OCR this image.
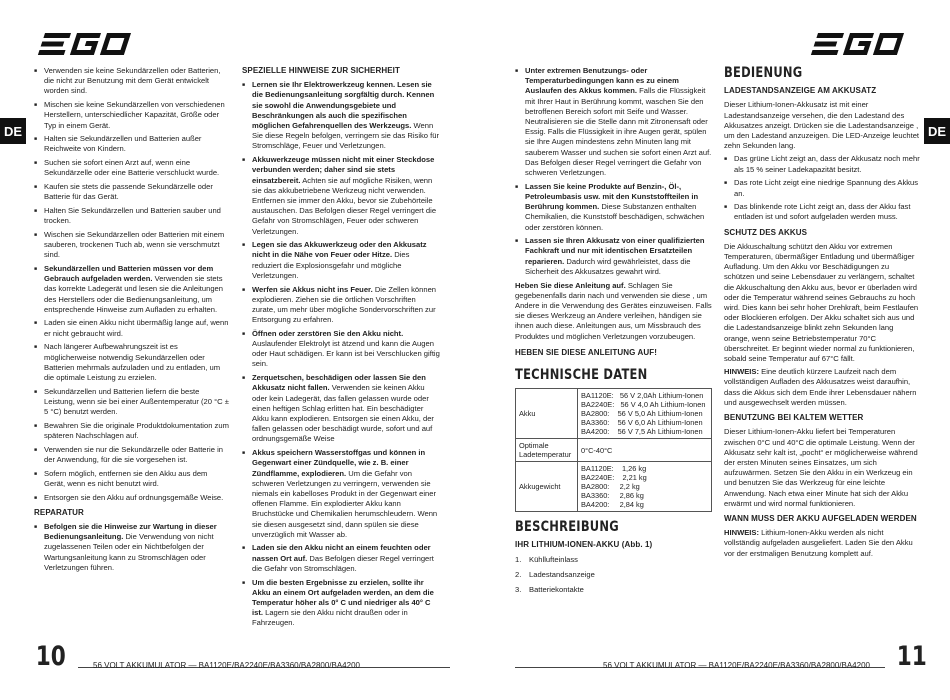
DE
■ Verwenden sie keine Sekundärzellen oder Batterien, die nicht zur Benutzung mit dem Gerät entwickelt worden sind.
■ Mischen sie keine Sekundärzellen von verschiedenen Herstellern, unterschiedlicher Kapazität, Größe oder Typ in einem Gerät.
■ Halten sie Sekundärzellen und Batterien außer Reichweite von Kindern.
■ Suchen sie sofort einen Arzt auf, wenn eine Sekundärzelle oder eine Batterie verschluckt wurde.
■ Kaufen sie stets die passende Sekundärzelle oder Batterie für das Gerät.
■ Halten Sie Sekundärzellen und Batterien sauber und trocken.
■ Wischen sie Sekundärzellen oder Batterien mit einem sauberen, trockenen Tuch ab, wenn sie verschmutzt sind.
■ Sekundärzellen und Batterien müssen vor dem Gebrauch aufgeladen werden. Verwenden sie stets das korrekte Ladegerät und lesen sie die Anleitungen des Herstellers oder die Bedienungsanleitung, um entsprechende Hinweise zum Aufladen zu erhalten.
■ Laden sie einen Akku nicht übermäßig lange auf, wenn er nicht gebraucht wird.
■ Nach längerer Aufbewahrungszeit ist es möglicherweise notwendig Sekundärzellen oder Batterien mehrmals aufzuladen und zu entladen, um die optimale Leistung zu erzielen.
■ Sekundärzellen und Batterien liefern die beste Leistung, wenn sie bei einer Außentemperatur (20 °C ± 5 °C) benutzt werden.
■ Bewahren Sie die originale Produktdokumentation zum späteren Nachschlagen auf.
■ Verwenden sie nur die Sekundärzelle oder Batterie in der Anwendung, für die sie vorgesehen ist.
■ Sofern möglich, entfernen sie den Akku aus dem Gerät, wenn es nicht benutzt wird.
■ Entsorgen sie den Akku auf ordnungsgemäße Weise.
REPARATUR
■ Befolgen sie die Hinweise zur Wartung in dieser Bedienungsanleitung. Die Verwendung von nicht zugelassenen Teilen oder ein Nichtbefolgen der Wartungsanleitung kann zu Stromschlägen oder Verletzungen führen.
SPEZIELLE HINWEISE ZUR SICHERHEIT
■ Lernen sie Ihr Elektrowerkzeug kennen. Lesen sie die Bedienungsanleitung sorgfältig durch. Kennen sie sowohl die Anwendungsgebiete und Beschränkungen als auch die spezifischen möglichen Gefahrenquellen des Werkzeugs. Wenn Sie diese Regeln befolgen, verringern sie das Risiko für Stromschläge, Feuer und Verletzungen.
■ Akkuwerkzeuge müssen nicht mit einer Steckdose verbunden werden; daher sind sie stets einsatzbereit. Achten sie auf mögliche Risiken, wenn sie das akkubetriebene Werkzeug nicht verwenden. Entfernen sie immer den Akku, bevor sie Zubehörteile austauschen. Das Befolgen dieser Regel verringert die Gefahr von Stromschlägen, Feuer oder schweren Verletzungen.
■ Legen sie das Akkuwerkzeug oder den Akkusatz nicht in die Nähe von Feuer oder Hitze. Dies reduziert die Explosionsgefahr und mögliche Verletzungen.
■ Werfen sie Akkus nicht ins Feuer. Die Zellen können explodieren. Ziehen sie die örtlichen Vorschriften zurate, um mehr über mögliche Sondervorschriften zur Entsorgung zu erfahren.
■ Öffnen oder zerstören Sie den Akku nicht. Auslaufender Elektrolyt ist ätzend und kann die Augen oder Haut schädigen. Er kann ist bei Verschlucken giftig sein.
■ Zerquetschen, beschädigen oder lassen Sie den Akkusatz nicht fallen. Verwenden sie keinen Akku oder kein Ladegerät, das fallen gelassen wurde oder einen heftigen Schlag erlitten hat. Ein beschädigter Akku kann explodieren. Entsorgen sie einen Akku, der fallen gelassen oder beschädigt wurde, sofort und auf ordnungsgemäße Weise
■ Akkus speichern Wasserstoffgas und können in Gegenwart einer Zündquelle, wie z. B. einer Zündflamme, explodieren. Um die Gefahr von schweren Verletzungen zu verringern, verwenden sie niemals ein kabelloses Produkt in der Gegenwart einer offenen Flamme. Ein explodierter Akku kann Bruchstücke und Chemikalien herumschleudern. Wenn sie diesen ausgesetzt sind, dann spülen sie diese unverzüglich mit Wasser ab.
■ Laden sie den Akku nicht an einem feuchten oder nassen Ort auf. Das Befolgen dieser Regel verringert die Gefahr von Stromschlägen.
■ Um die besten Ergebnisse zu erzielen, sollte ihr Akku an einem Ort aufgeladen werden, an dem die Temperatur höher als 0° C und niedriger als 40° C ist. Lagern sie den Akku nicht draußen oder in Fahrzeugen.
10	56 VOLT AKKUMULATOR — BA1120E/BA2240E/BA3360/BA2800/BA4200
DE
■ Unter extremen Benutzungs- oder Temperaturbedingungen kann es zu einem Auslaufen des Akkus kommen. Falls die Flüssigkeit mit Ihrer Haut in Berührung kommt, waschen Sie den betroffenen Bereich sofort mit Seife und Wasser. Neutralisieren sie die Stelle dann mit Zitronensaft oder Essig. Falls die Flüssigkeit in ihre Augen gerät, spülen sie Ihre Augen mindestens zehn Minuten lang mit sauberem Wasser und suchen sie sofort einen Arzt auf. Das Befolgen dieser Regel verringert die Gefahr von schweren Verletzungen.
■ Lassen Sie keine Produkte auf Benzin-, Öl-, Petroleumbasis usw. mit den Kunststoffteilen in Berührung kommen. Diese Substanzen enthalten Chemikalien, die Kunststoff beschädigen, schwächen oder zerstören können.
■ Lassen sie Ihren Akkusatz von einer qualifizierten Fachkraft und nur mit identischen Ersatzteilen reparieren. Dadurch wird gewährleistet, dass die Sicherheit des Akkusatzes gewahrt wird.

Heben Sie diese Anleitung auf. Schlagen Sie gegebenenfalls darin nach und verwenden sie diese , um Andere in die Verwendung des Gerätes einzuweisen. Falls sie dieses Werkzeug an Andere verleihen, händigen sie ihnen auch diese. Anleitungen aus, um Missbrauch des Produktes und möglichen Verletzungen vorzubeugen.

HEBEN SIE DIESE ANLEITUNG AUF!
TECHNISCHE DATEN
Akku	BA1120E:   56 V 2,0Ah Lithium-Ionen
BA2240E:   56 V 4,0 Ah Lithium-Ionen
BA2800:    56 V 5,0 Ah Lithium-Ionen
BA3360:    56 V 6,0 Ah Lithium-Ionen
BA4200:    56 V 7,5 Ah Lithium-Ionen

Optimale Ladetemperatur	0°C-40°C

Akkugewicht	BA1120E:    1,26 kg
BA2240E:    2,21 kg
BA2800:     2,2 kg
BA3360:     2,86 kg
BA4200:     2,84 kg
BESCHREIBUNG
IHR LITHIUM-IONEN-AKKU (Abb. 1)
1.	Kühllufteinlass
2.	Ladestandsanzeige
3.	Batteriekontakte
BEDIENUNG
LADESTANDSANZEIGE AM AKKUSATZ

Dieser Lithium-Ionen-Akkusatz ist mit einer Ladestandsanzeige versehen, die den Ladestand des Akkusatzes anzeigt. Drücken sie die Ladestandsanzeige , um den Ladestand anzuzeigen. Die LED-Anzeige leuchtet zehn Sekunden lang.

■ Das grüne Licht zeigt an, dass der Akkusatz noch mehr als 15 % seiner Ladekapazität besitzt.
■ Das rote Licht zeigt eine niedrige Spannung des Akkus an.
■ Das blinkende rote Licht zeigt an, dass der Akku fast entladen ist und sofort aufgeladen werden muss.
SCHUTZ DES AKKUS

Die Akkuschaltung schützt den Akku vor extremen Temperaturen, übermäßiger Entladung und übermäßiger Aufladung. Um den Akku vor Beschädigungen zu schützen und seine Lebensdauer zu verlängern, schaltet die Akkuschaltung den Akku aus, bevor er überladen wird oder die Temperatur während seines Gebrauchs zu hoch wird. Dies kann bei sehr hoher Drehkraft, beim Festlaufen oder Blockieren erfolgen. Der Akku schaltet sich aus und die Ladestandsanzeige blinkt zehn Sekunden lang orange, wenn seine Betriebstemperatur 70°C überschreitet. Er beginnt wieder normal zu funktionieren, sobald seine Temperatur auf 67°C fällt.

HINWEIS: Eine deutlich kürzere Laufzeit nach dem vollständigen Aufladen des Akkusatzes weist daraufhin, dass die Akkus sich dem Ende ihrer Lebensdauer nähern und ausgewechselt werden müssen.

BENUTZUNG BEI KALTEM WETTER

Dieser Lithium-Ionen-Akku liefert bei Temperaturen zwischen 0°C und 40°C die optimale Leistung. Wenn der Akkusatz sehr kalt ist, „pocht“ er möglicherweise während der ersten Minuten seines Einsatzes, um sich aufzuwärmen. Setzen Sie den Akku in ein Werkzeug ein und benutzen Sie das Werkzeug für eine leichte Anwendung. Nach etwa einer Minute hat sich der Akku erwärmt und wird normal funktionieren.

WANN MUSS DER AKKU AUFGELADEN WERDEN

HINWEIS: Lithium-Ionen-Akku werden als nicht vollständig aufgeladen ausgeliefert. Laden Sie den Akku vor der erstmaligen Benutzung komplett auf.

56 VOLT AKKUMULATOR — BA1120E/BA2240E/BA3360/BA2800/BA4200 11
